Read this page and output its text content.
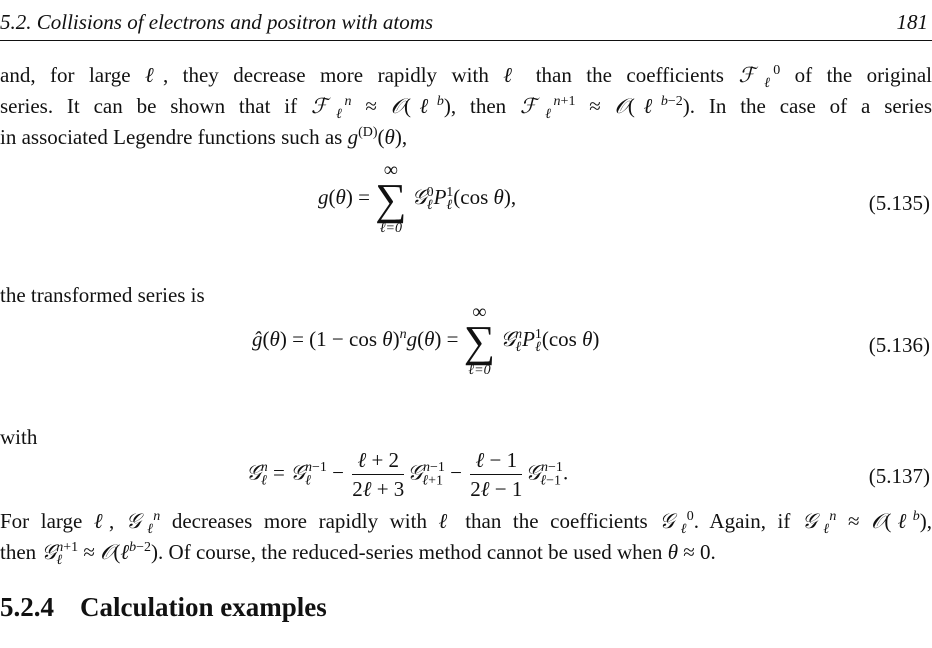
5.2. Collisions of electrons and positron with atoms	181
and, for large ℓ, they decrease more rapidly with ℓ than the coefficients ℱ$_\ell^0$ of the original
series. It can be shown that if ℱ$_\ell^n$ ≈ 𝒪(ℓ$^b$), then ℱ$_\ell^{n+1}$ ≈ 𝒪(ℓ$^{b-2}$). In the case of a series
in associated Legendre functions such as $g^{(D)}(\theta)$,
g(θ) =
∞
∑
ℓ=0
$𝒢_\ell^0P_\ell^1(\cos$ θ),	(5.135)
the transformed series is
ĝ(θ) = $(1 - \cos \theta)^ng(\theta)$ =
∞
∑
ℓ=0
$𝒢_\ell^nP_\ell^1(\cos$ θ)	(5.136)
with
𝒢$_\ell^n$ = 𝒢$_\ell^{n-1}$ − $\frac{\text{ℓ + 2}}{\text{2ℓ + 3}}$ 𝒢$_{\ell+1}^{n-1}$ − $\frac{\text{ℓ − 1}}{\text{2ℓ − 1}}$ 𝒢$_{\ell-1}^{n-1}$.	(5.137)
For large ℓ, 𝒢$_\ell^n$ decreases more rapidly with ℓ than the coefficients 𝒢$_\ell^0$. Again, if 𝒢$_\ell^n$ ≈ 𝒪(ℓ$^b$),
then 𝒢$_\ell^{n+1}$ ≈ 𝒪(ℓ$^{b-2}$). Of course, the reduced-series method cannot be used when θ ≈ 0.
5.2.4 Calculation examples
